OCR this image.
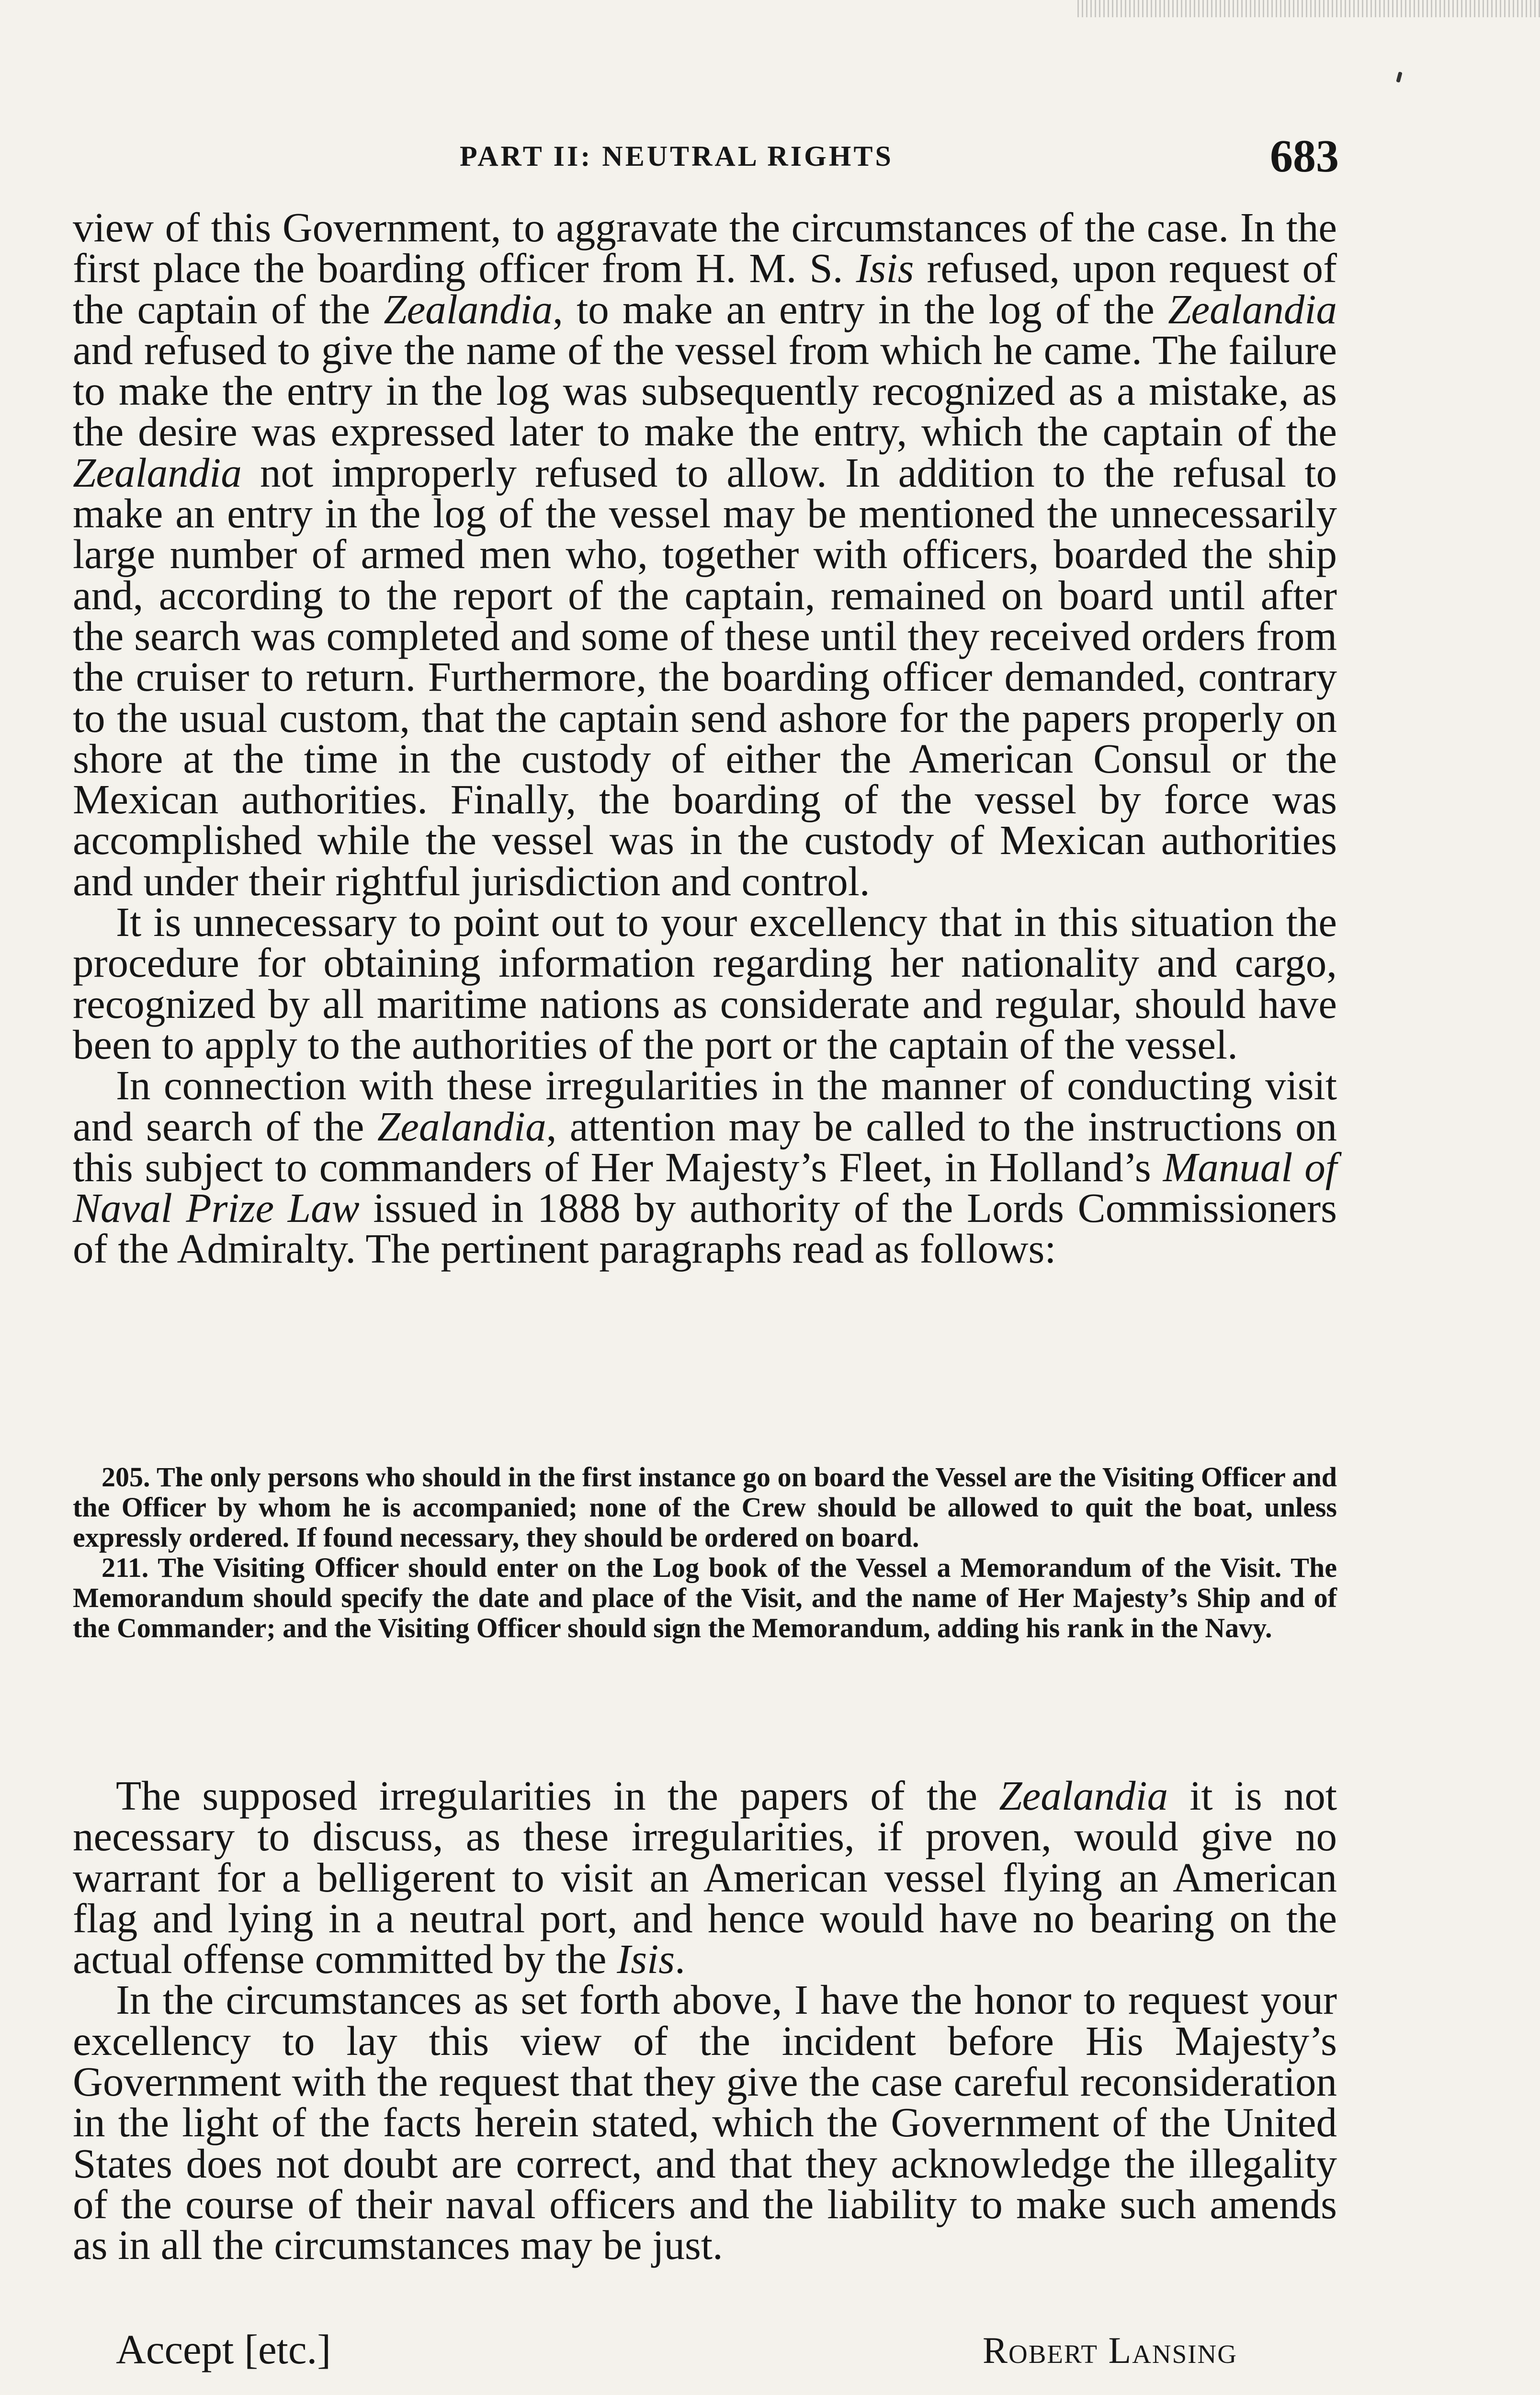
PART II: NEUTRAL RIGHTS	683

view of this Government, to aggravate the circumstances of the case. In the first place the boarding officer from H. M. S. Isis refused, upon request of the captain of the Zealandia, to make an entry in the log of the Zealandia and refused to give the name of the vessel from which he came. The failure to make the entry in the log was subsequently recognized as a mistake, as the desire was expressed later to make the entry, which the captain of the Zealandia not improperly refused to allow. In addition to the refusal to make an entry in the log of the vessel may be mentioned the unnecessarily large number of armed men who, together with officers, boarded the ship and, according to the report of the captain, remained on board until after the search was completed and some of these until they received orders from the cruiser to return. Furthermore, the boarding officer demanded, contrary to the usual custom, that the captain send ashore for the papers properly on shore at the time in the custody of either the American Consul or the Mexican authorities. Finally, the boarding of the vessel by force was accomplished while the vessel was in the custody of Mexican authorities and under their rightful jurisdiction and control.

It is unnecessary to point out to your excellency that in this situation the procedure for obtaining information regarding her nationality and cargo, recognized by all maritime nations as considerate and regular, should have been to apply to the authorities of the port or the captain of the vessel.

In connection with these irregularities in the manner of conducting visit and search of the Zealandia, attention may be called to the instructions on this subject to commanders of Her Majesty’s Fleet, in Holland’s Manual of Naval Prize Law issued in 1888 by authority of the Lords Commissioners of the Admiralty. The pertinent paragraphs read as follows:

205. The only persons who should in the first instance go on board the Vessel are the Visiting Officer and the Officer by whom he is accompanied; none of the Crew should be allowed to quit the boat, unless expressly ordered. If found necessary, they should be ordered on board.

211. The Visiting Officer should enter on the Log book of the Vessel a Memorandum of the Visit. The Memorandum should specify the date and place of the Visit, and the name of Her Majesty’s Ship and of the Commander; and the Visiting Officer should sign the Memorandum, adding his rank in the Navy.

The supposed irregularities in the papers of the Zealandia it is not necessary to discuss, as these irregularities, if proven, would give no warrant for a belligerent to visit an American vessel flying an American flag and lying in a neutral port, and hence would have no bearing on the actual offense committed by the Isis.

In the circumstances as set forth above, I have the honor to request your excellency to lay this view of the incident before His Majesty’s Government with the request that they give the case careful reconsideration in the light of the facts herein stated, which the Government of the United States does not doubt are correct, and that they acknowledge the illegality of the course of their naval officers and the liability to make such amends as in all the circumstances may be just.

Accept [etc.]	Robert Lansing
